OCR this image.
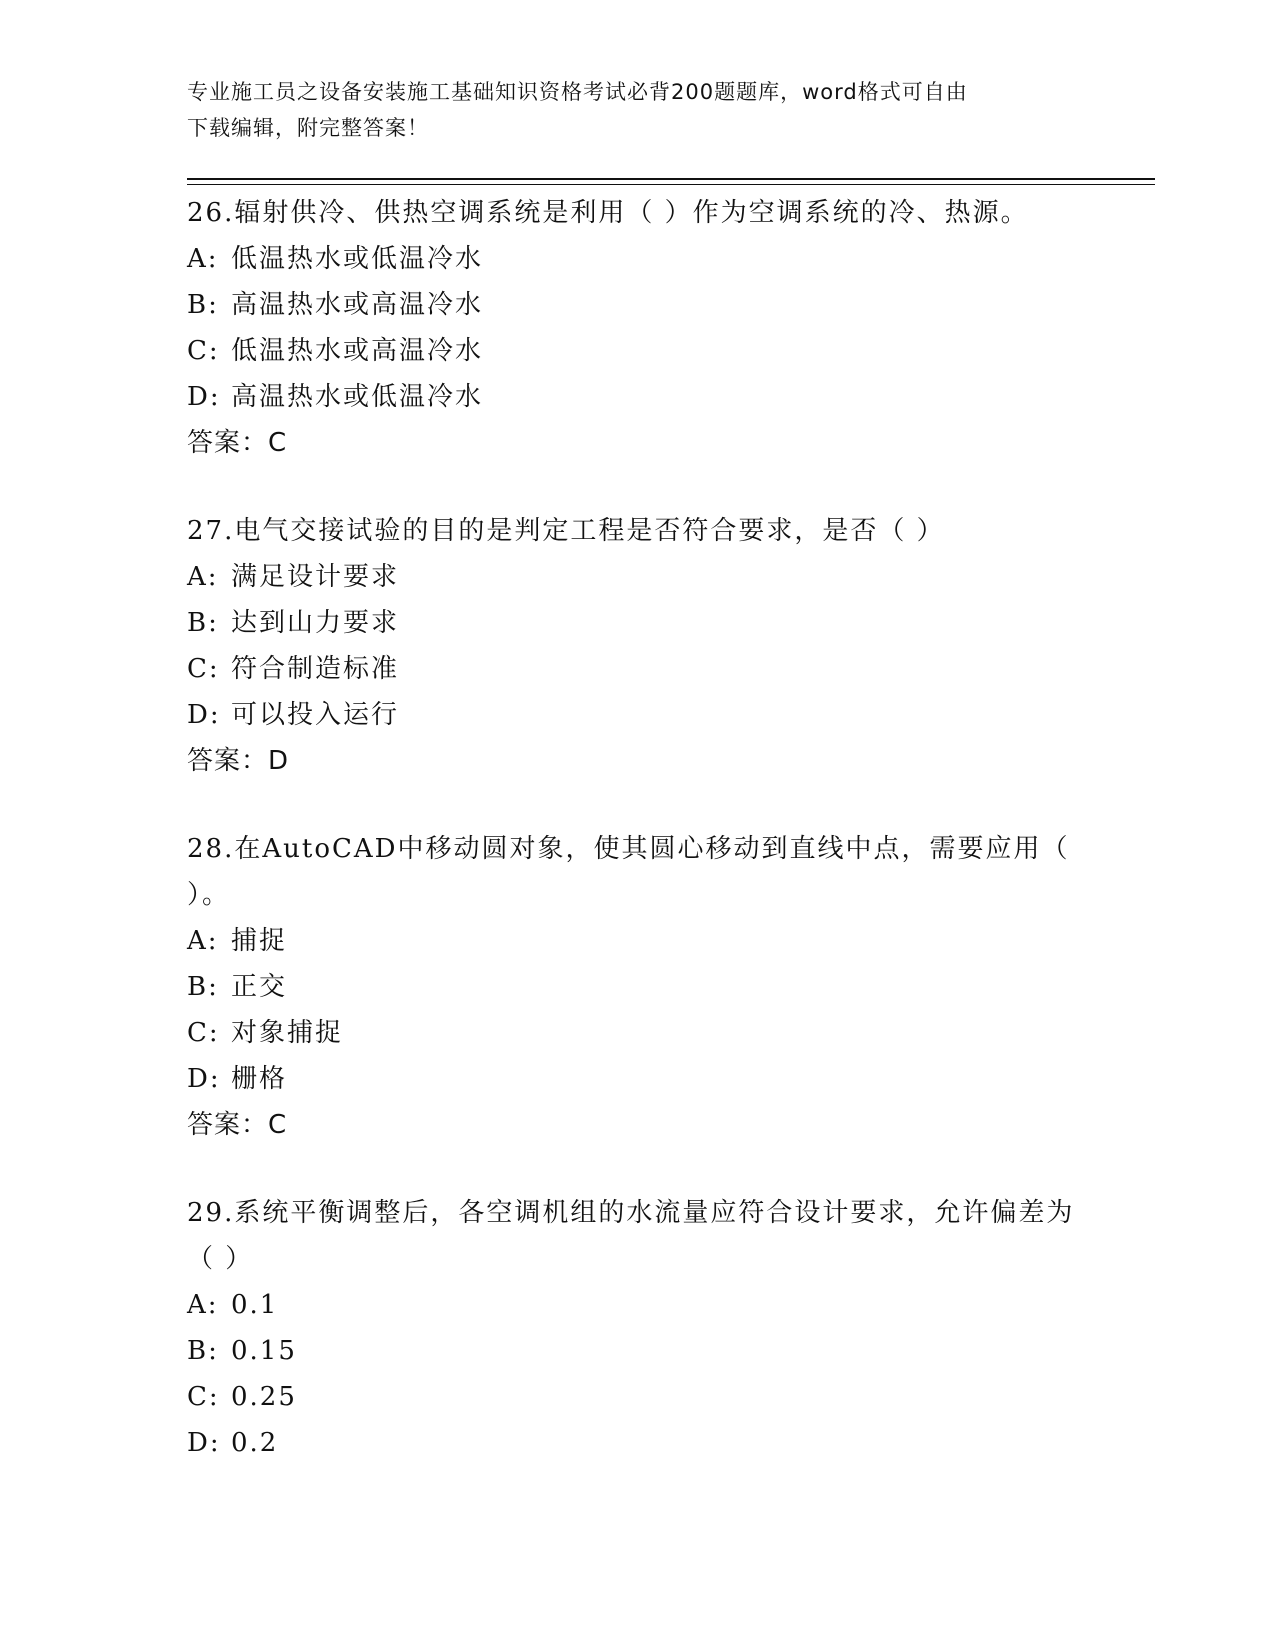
专业施工员之设备安装施工基础知识资格考试必背200题题库，word格式可自由
下载编辑，附完整答案！
26.辐射供冷、供热空调系统是利用（ ）作为空调系统的冷、热源。
A: 低温热水或低温冷水
B: 高温热水或高温冷水
C: 低温热水或高温冷水
D: 高温热水或低温冷水
答案：C
27.电气交接试验的目的是判定工程是否符合要求，是否（ ）
A: 满足设计要求
B: 达到山力要求
C: 符合制造标准
D: 可以投入运行
答案：D
28.在AutoCAD中移动圆对象，使其圆心移动到直线中点，需要应用（ ）。
A: 捕捉
B: 正交
C: 对象捕捉
D: 栅格
答案：C
29.系统平衡调整后，各空调机组的水流量应符合设计要求，允许偏差为（ ）
A: 0.1
B: 0.15
C: 0.25
D: 0.2
